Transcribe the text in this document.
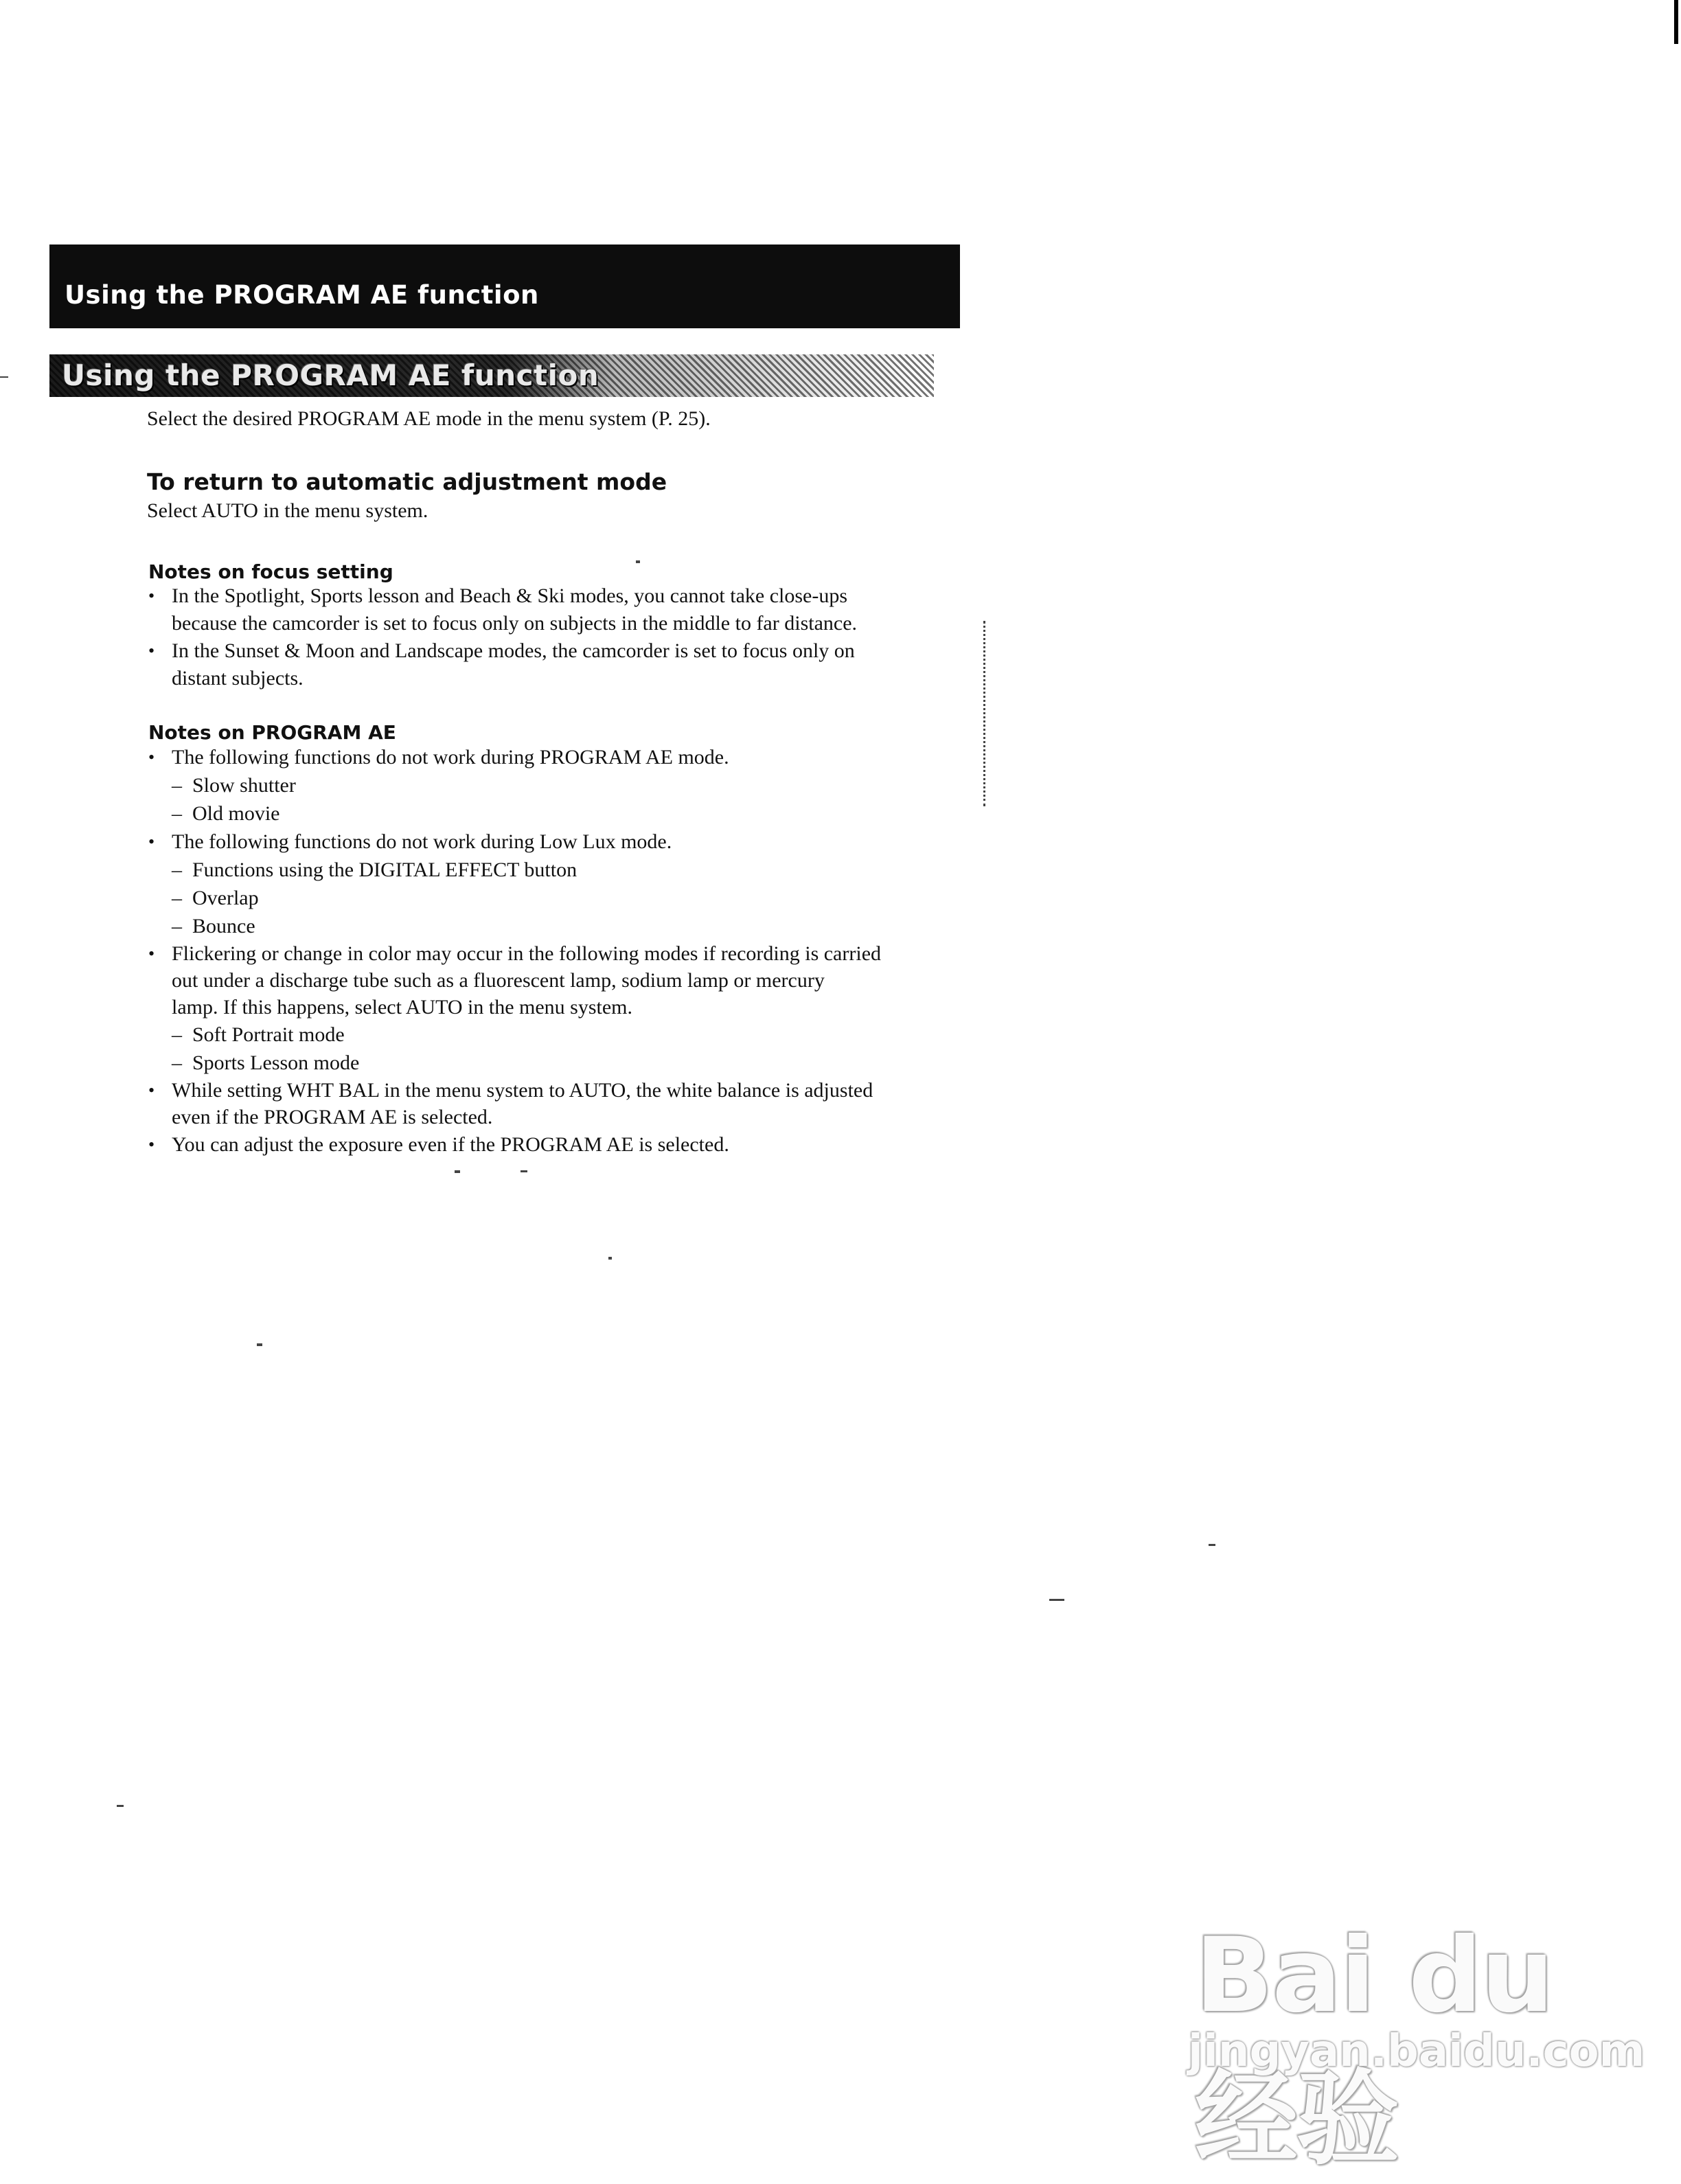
Using the PROGRAM AE function
Using the PROGRAM AE function
Select the desired PROGRAM AE mode in the menu system (P. 25).
To return to automatic adjustment mode
Select AUTO in the menu system.
Notes on focus setting
• In the Spotlight, Sports lesson and Beach & Ski modes, you cannot take close-ups
because the camcorder is set to focus only on subjects in the middle to far distance.
• In the Sunset & Moon and Landscape modes, the camcorder is set to focus only on
distant subjects.
Notes on PROGRAM AE
• The following functions do not work during PROGRAM AE mode.
– Slow shutter
– Old movie
• The following functions do not work during Low Lux mode.
– Functions using the DIGITAL EFFECT button
– Overlap
– Bounce
• Flickering or change in color may occur in the following modes if recording is carried
out under a discharge tube such as a fluorescent lamp, sodium lamp or mercury
lamp. If this happens, select AUTO in the menu system.
– Soft Portrait mode
– Sports Lesson mode
• While setting WHT BAL in the menu system to AUTO, the white balance is adjusted
even if the PROGRAM AE is selected.
• You can adjust the exposure even if the PROGRAM AE is selected.
Bai du 经验
jingyan.baidu.com
